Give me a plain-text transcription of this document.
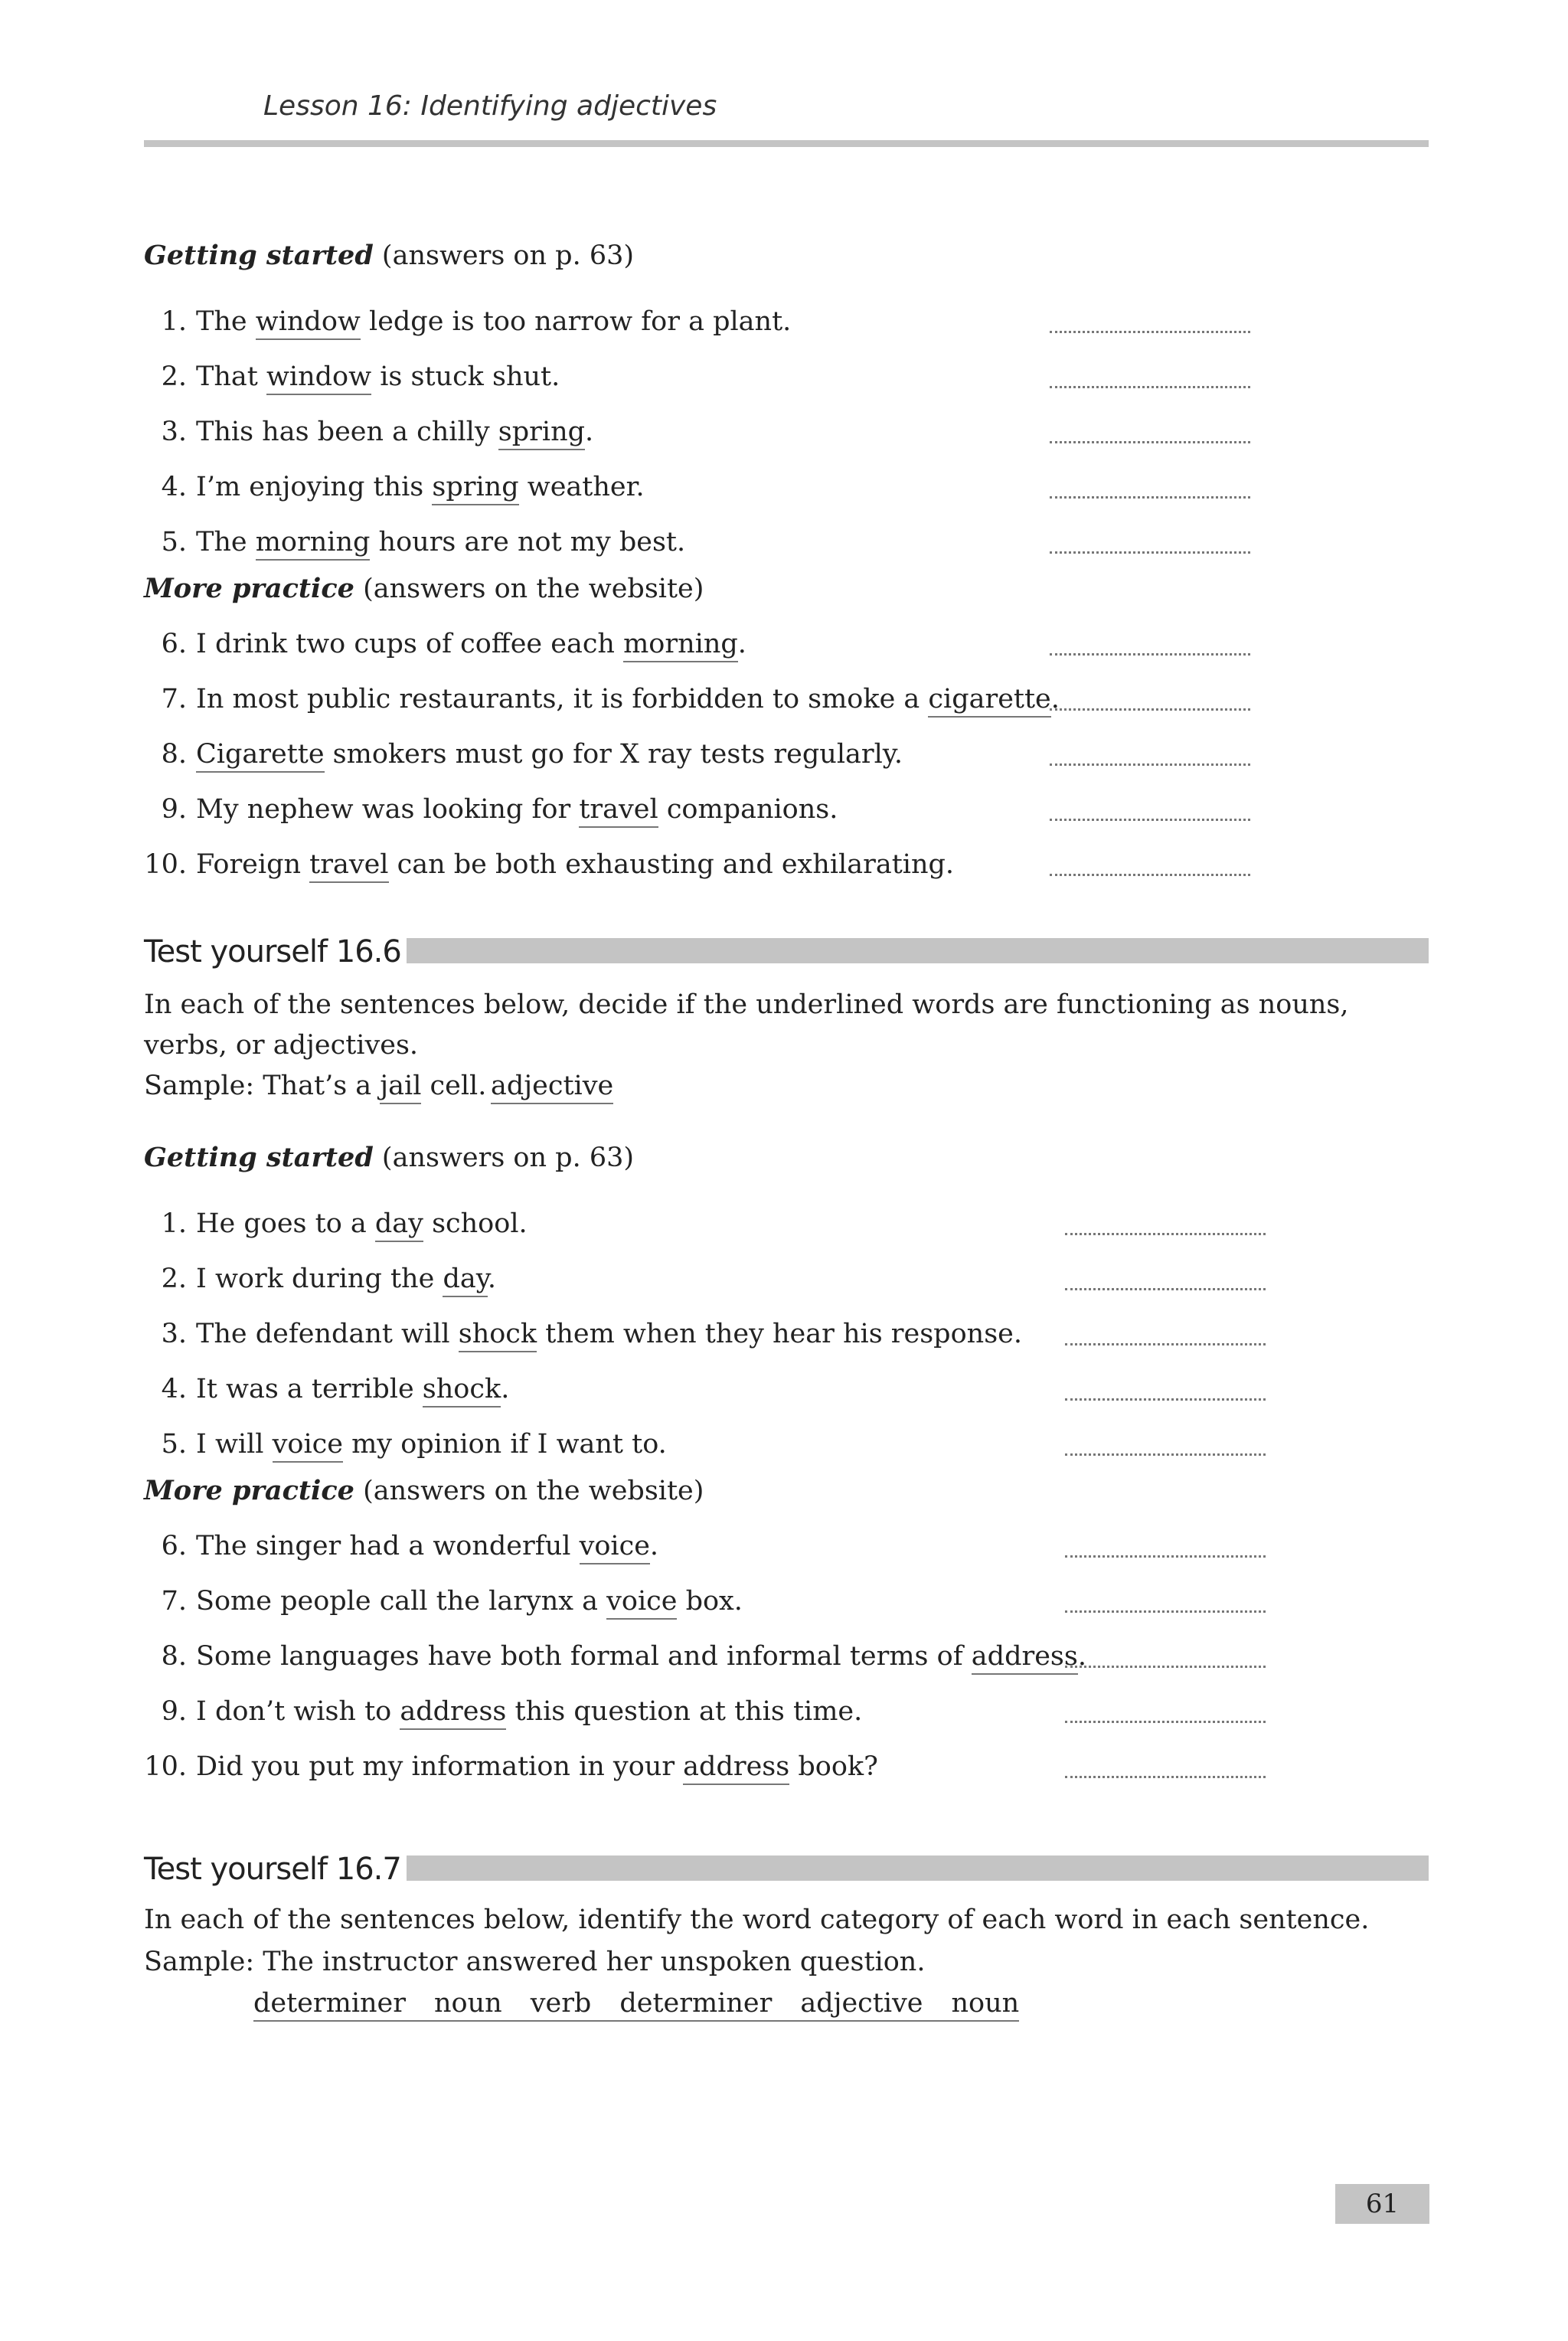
Lesson 16: Identifying adjectives
Getting started (answers on p. 63)
More practice (answers on the website)
Test yourself 16.6
In each of the sentences below, decide if the underlined words are functioning as nouns, verbs, or adjectives.
Sample: That’s a jail cell. adjective
Getting started (answers on p. 63)
More practice (answers on the website)
Test yourself 16.7
In each of the sentences below, identify the word category of each word in each sentence.
Sample: The instructor answered her unspoken question.
determiner noun verb determiner adjective noun
61
1. The window ledge is too narrow for a plant.
2. That window is stuck shut.
3. This has been a chilly spring.
4. I’m enjoying this spring weather.
5. The morning hours are not my best.
6. I drink two cups of coffee each morning.
7. In most public restaurants, it is forbidden to smoke a cigarette.
8. Cigarette smokers must go for X ray tests regularly.
9. My nephew was looking for travel companions.
10. Foreign travel can be both exhausting and exhilarating.
1. He goes to a day school.
2. I work during the day.
3. The defendant will shock them when they hear his response.
4. It was a terrible shock.
5. I will voice my opinion if I want to.
6. The singer had a wonderful voice.
7. Some people call the larynx a voice box.
8. Some languages have both formal and informal terms of address.
9. I don’t wish to address this question at this time.
10. Did you put my information in your address book?
